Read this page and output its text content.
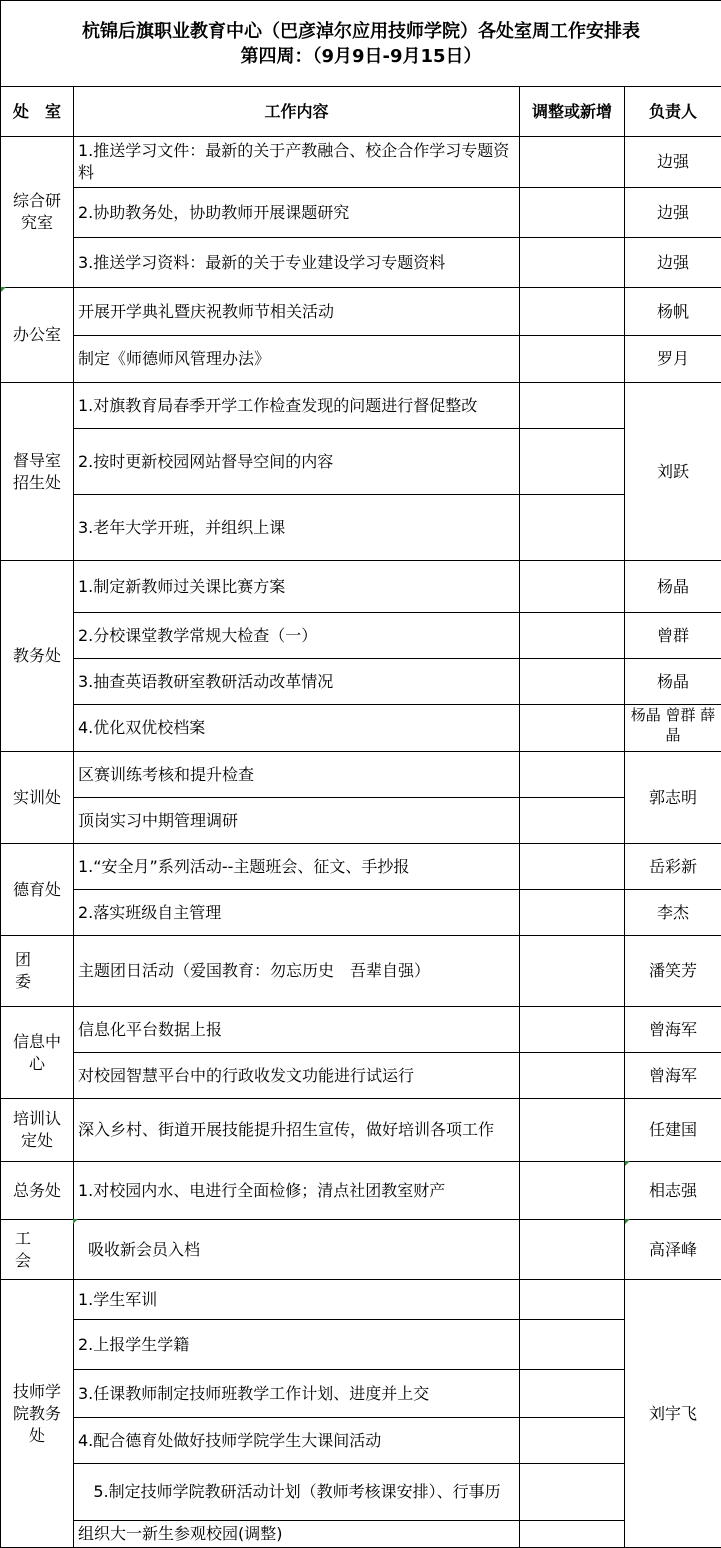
杭锦后旗职业教育中心（巴彦淖尔应用技师学院）各处室周工作安排表
第四周：（9月9日-9月15日）			

处　室	工作内容	调整或新增	负责人

综合研究室	1.推送学习文件：最新的关于产教融合、校企合作学习专题资料		边强
	2.协助教务处，协助教师开展课题研究		边强
	3.推送学习资料：最新的关于专业建设学习专题资料		边强
办公室	开展开学典礼暨庆祝教师节相关活动		杨帆
	制定《师德师风管理办法》		罗月

督导室招生处	1.对旗教育局春季开学工作检查发现的问题进行督促整改		刘跃
	2.按时更新校园网站督导空间的内容		
	3.老年大学开班，并组织上课		
教务处	1.制定新教师过关课比赛方案		杨晶
	2.分校课堂教学常规大检查（一）		曾群
	3.抽查英语教研室教研活动改革情况		杨晶
	4.优化双优校档案		杨晶 曾群 薛晶
实训处	区赛训练考核和提升检查		郭志明
	顶岗实习中期管理调研		
德育处	1.“安全月”系列活动--主题班会、征文、手抄报		岳彩新
	2.落实班级自主管理		李杰
团委	主题团日活动（爱国教育：勿忘历史　吾辈自强）		潘笑芳

信息中心	信息化平台数据上报		曾海军
	对校园智慧平台中的行政收发文功能进行试运行		曾海军

培训认定处	深入乡村、街道开展技能提升招生宣传，做好培训各项工作		任建国
总务处	1.对校园内水、电进行全面检修；清点社团教室财产		相志强
工会	吸收新会员入档		高泽峰

技师学院教务处	1.学生军训		刘宇飞
	2.上报学生学籍		
	3.任课教师制定技师班教学工作计划、进度并上交		
	4.配合德育处做好技师学院学生大课间活动		
	5.制定技师学院教研活动计划（教师考核课安排）、行事历		
	组织大一新生参观校园(调整)		
